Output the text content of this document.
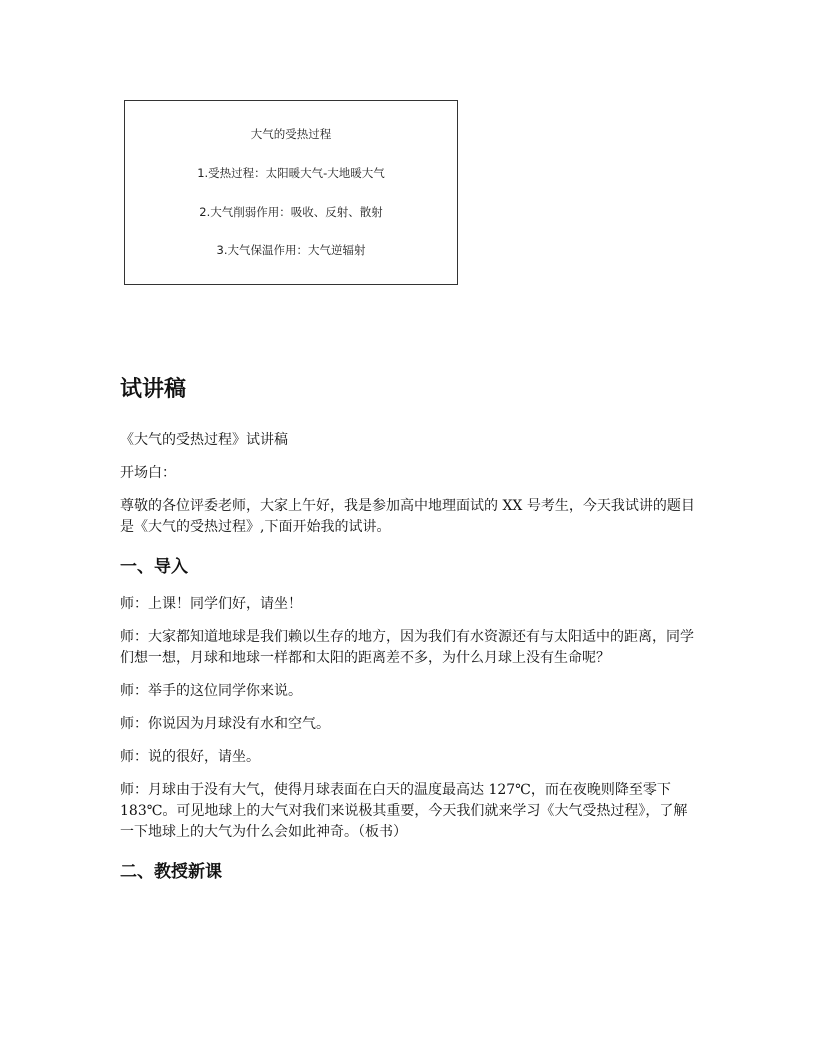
大气的受热过程
1.受热过程：太阳暖大气-大地暖大气
2.大气削弱作用：吸收、反射、散射
3.大气保温作用：大气逆辐射
试讲稿

《大气的受热过程》试讲稿

开场白：

尊敬的各位评委老师，大家上午好，我是参加高中地理面试的 XX 号考生，今天我试讲的题目是《大气的受热过程》,下面开始我的试讲。

一、导入

师：上课！同学们好，请坐！

师：大家都知道地球是我们赖以生存的地方，因为我们有水资源还有与太阳适中的距离，同学们想一想，月球和地球一样都和太阳的距离差不多，为什么月球上没有生命呢？

师：举手的这位同学你来说。

师：你说因为月球没有水和空气。

师：说的很好，请坐。

师：月球由于没有大气，使得月球表面在白天的温度最高达 127℃，而在夜晚则降至零下 183℃。可见地球上的大气对我们来说极其重要，今天我们就来学习《大气受热过程》，了解一下地球上的大气为什么会如此神奇。（板书）

二、教授新课
